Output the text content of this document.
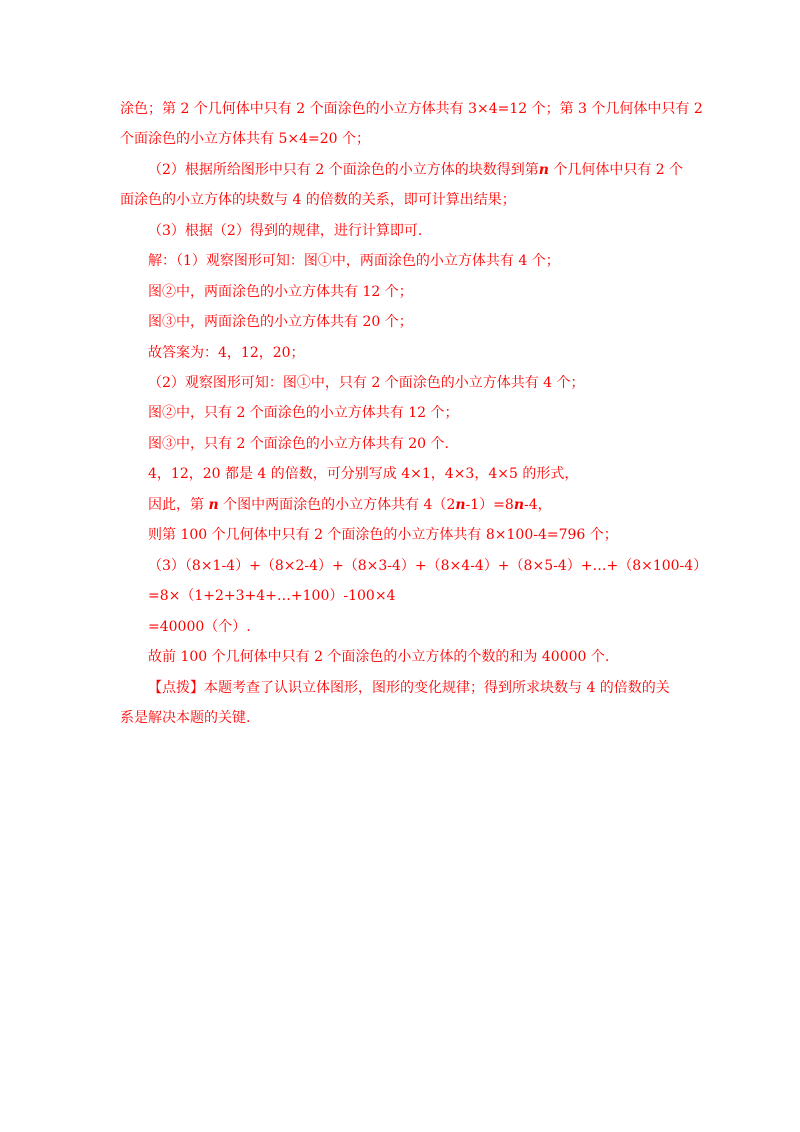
涂色；第 2 个几何体中只有 2 个面涂色的小立方体共有 3×4=12 个；第 3 个几何体中只有 2
个面涂色的小立方体共有 5×4=20 个；
（2）根据所给图形中只有 2 个面涂色的小立方体的块数得到第n 个几何体中只有 2 个
面涂色的小立方体的块数与 4 的倍数的关系，即可计算出结果；
（3）根据（2）得到的规律，进行计算即可.
解：（1）观察图形可知：图①中，两面涂色的小立方体共有 4 个；
图②中，两面涂色的小立方体共有 12 个；
图③中，两面涂色的小立方体共有 20 个；
故答案为：4，12，20；
（2）观察图形可知：图①中，只有 2 个面涂色的小立方体共有 4 个；
图②中，只有 2 个面涂色的小立方体共有 12 个；
图③中，只有 2 个面涂色的小立方体共有 20 个.
4，12，20 都是 4 的倍数，可分别写成 4×1，4×3，4×5 的形式，
因此，第 n 个图中两面涂色的小立方体共有 4（2n-1）=8n-4，
则第 100 个几何体中只有 2 个面涂色的小立方体共有 8×100-4=796 个；
（3）（8×1-4）+（8×2-4）+（8×3-4）+（8×4-4）+（8×5-4）+…+（8×100-4）
=8×（1+2+3+4+…+100）-100×4
=40000（个）.
故前 100 个几何体中只有 2 个面涂色的小立方体的个数的和为 40000 个.
【点拨】本题考查了认识立体图形，图形的变化规律；得到所求块数与 4 的倍数的关
系是解决本题的关键.
